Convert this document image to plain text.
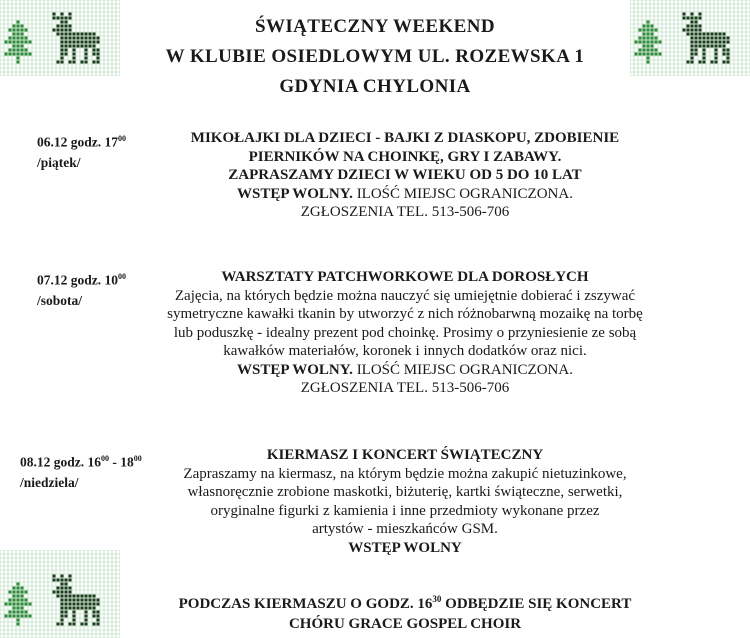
ŚWIĄTECZNY WEEKEND
W KLUBIE OSIEDLOWYM UL. ROZEWSKA 1
GDYNIA CHYLONIA
06.12 godz. $17^{00}$
/piątek/
MIKOŁAJKI DLA DZIECI - BAJKI Z DIASKOPU, ZDOBIENIE
PIERNIKÓW NA CHOINKĘ, GRY I ZABAWY.
ZAPRASZAMY DZIECI W WIEKU OD 5 DO 10 LAT
WSTĘP WOLNY. ILOŚĆ MIEJSC OGRANICZONA.
ZGŁOSZENIA TEL. 513-506-706
07.12 godz. $10^{00}$
/sobota/
WARSZTATY PATCHWORKOWE DLA DOROSŁYCH
Zajęcia, na których będzie można nauczyć się umiejętnie dobierać i zszywać
symetryczne kawałki tkanin by utworzyć z nich różnobarwną mozaikę na torbę
lub poduszkę - idealny prezent pod choinkę. Prosimy o przyniesienie ze sobą
kawałków materiałów, koronek i innych dodatków oraz nici.
WSTĘP WOLNY. ILOŚĆ MIEJSC OGRANICZONA.
ZGŁOSZENIA TEL. 513-506-706
08.12 godz. $16^{00} - 18^{00}$
/niedziela/
KIERMASZ I KONCERT ŚWIĄTECZNY
Zapraszamy na kiermasz, na którym będzie można zakupić nietuzinkowe,
własnoręcznie zrobione maskotki, biżuterię, kartki świąteczne, serwetki,
oryginalne figurki z kamienia i inne przedmioty wykonane przez
artystów - mieszkańców GSM.
WSTĘP WOLNY
PODCZAS KIERMASZU O GODZ. $16^{30}$ ODBĘDZIE SIĘ KONCERT
CHÓRU GRACE GOSPEL CHOIR
